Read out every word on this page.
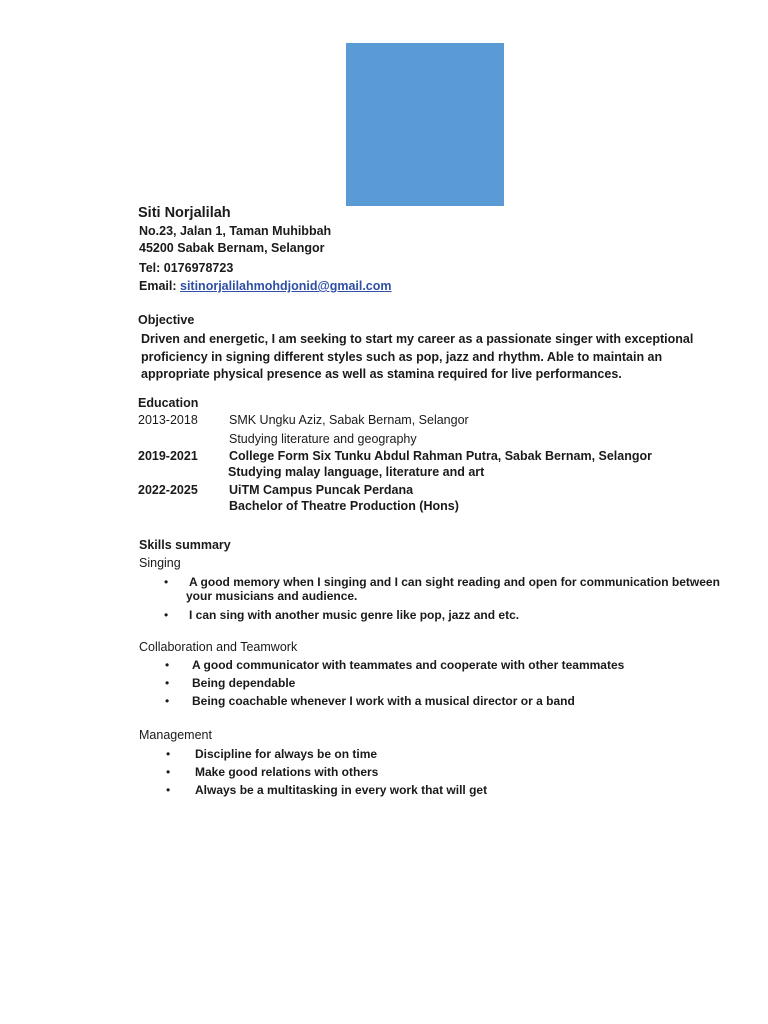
Siti Norjalilah
No.23, Jalan 1, Taman Muhibbah
45200 Sabak Bernam, Selangor
Tel: 0176978723
Email: sitinorjalilahmohdjonid@gmail.com
Objective
Driven and energetic, I am seeking to start my career as a passionate singer with exceptional proficiency in signing different styles such as pop, jazz and rhythm. Able to maintain an appropriate physical presence as well as stamina required for live performances.
Education
2013-2018 SMK Ungku Aziz, Sabak Bernam, Selangor
Studying literature and geography
2019-2021 College Form Six Tunku Abdul Rahman Putra, Sabak Bernam, Selangor
Studying malay language, literature and art
2022-2025 UiTM Campus Puncak Perdana
Bachelor of Theatre Production (Hons)
Skills summary
Singing
• A good memory when I singing and I can sight reading and open for communication between
your musicians and audience.
• I can sing with another music genre like pop, jazz and etc.
Collaboration and Teamwork
• A good communicator with teammates and cooperate with other teammates
• Being dependable
• Being coachable whenever I work with a musical director or a band
Management
• Discipline for always be on time
• Make good relations with others
• Always be a multitasking in every work that will get
